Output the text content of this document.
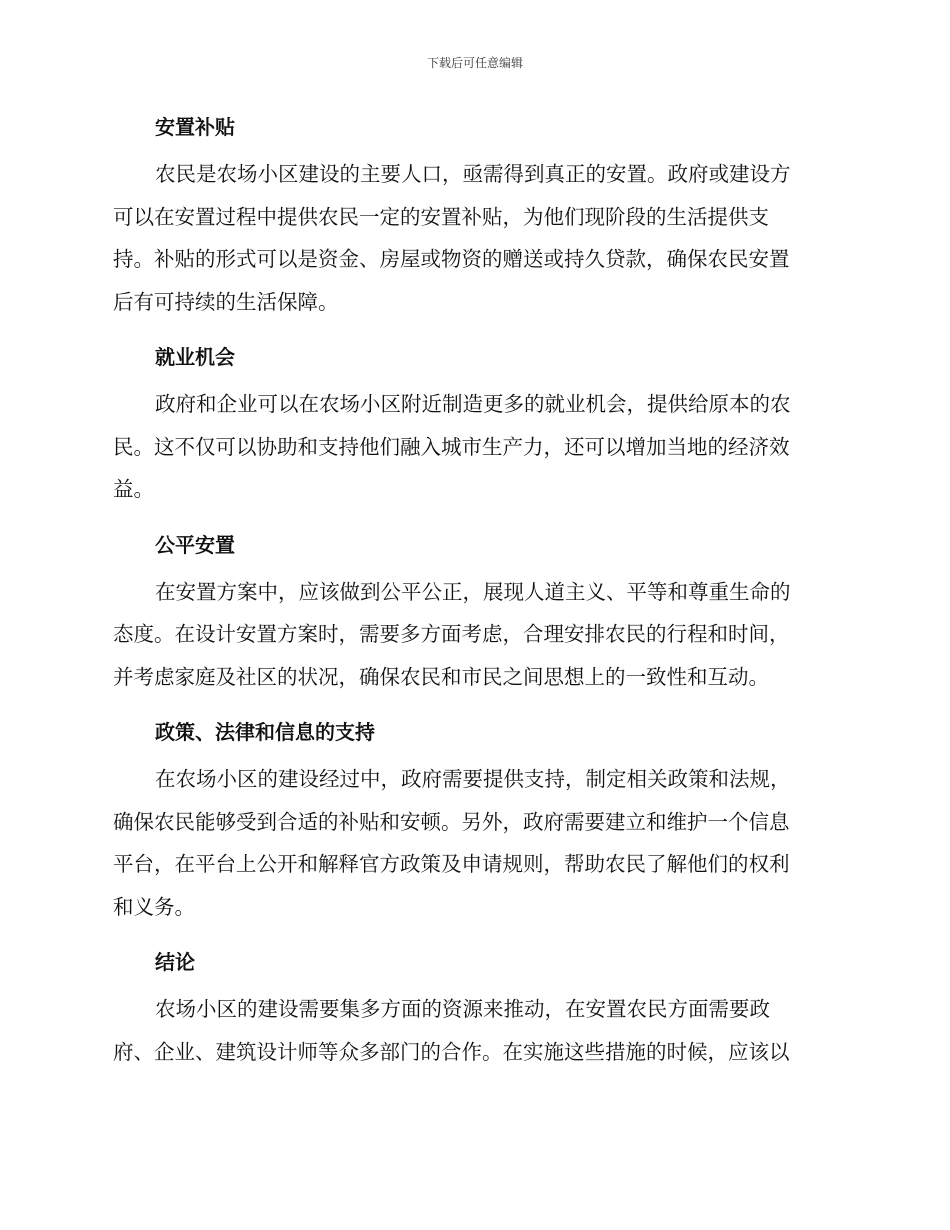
下载后可任意编辑
安置补贴

农民是农场小区建设的主要人口，亟需得到真正的安置。政府或建设方
可以在安置过程中提供农民一定的安置补贴，为他们现阶段的生活提供支
持。补贴的形式可以是资金、房屋或物资的赠送或持久贷款，确保农民安置
后有可持续的生活保障。

就业机会

政府和企业可以在农场小区附近制造更多的就业机会，提供给原本的农
民。这不仅可以协助和支持他们融入城市生产力，还可以增加当地的经济效
益。

公平安置

在安置方案中，应该做到公平公正，展现人道主义、平等和尊重生命的
态度。在设计安置方案时，需要多方面考虑，合理安排农民的行程和时间，
并考虑家庭及社区的状况，确保农民和市民之间思想上的一致性和互动。

政策、法律和信息的支持

在农场小区的建设经过中，政府需要提供支持，制定相关政策和法规，
确保农民能够受到合适的补贴和安顿。另外，政府需要建立和维护一个信息
平台，在平台上公开和解释官方政策及申请规则，帮助农民了解他们的权利
和义务。

结论

农场小区的建设需要集多方面的资源来推动，在安置农民方面需要政
府、企业、建筑设计师等众多部门的合作。在实施这些措施的时候，应该以
